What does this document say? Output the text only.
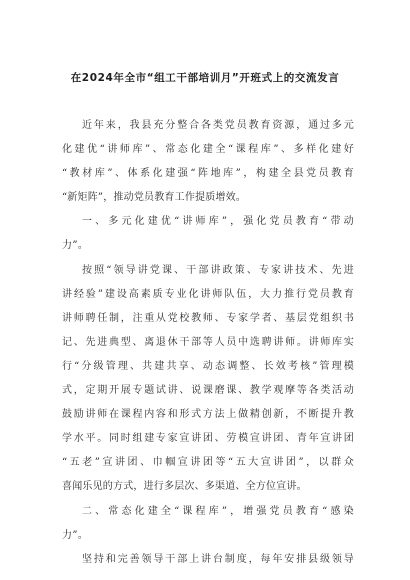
在2024年全市“组工干部培训月”开班式上的交流发言
近年来，我县充分整合各类党员教育资源，通过多元
化建优“讲师库”、常态化建全“课程库”、多样化建好
“教材库”、体系化建强“阵地库”，构建全县党员教育
“新矩阵”，推动党员教育工作提质增效。
一、多元化建优“讲师库”，强化党员教育“带动
力”。
按照“领导讲党课、干部讲政策、专家讲技术、先进
讲经验”建设高素质专业化讲师队伍，大力推行党员教育
讲师聘任制，注重从党校教师、专家学者、基层党组织书
记、先进典型、离退休干部等人员中选聘讲师。讲师库实
行“分级管理、共建共享、动态调整、长效考核”管理模
式，定期开展专题试讲、说课磨课、教学观摩等各类活动
鼓励讲师在课程内容和形式方法上做精创新，不断提升教
学水平。同时组建专家宣讲团、劳模宣讲团、青年宣讲团
“五老”宣讲团、巾帼宣讲团等“五大宣讲团”，以群众
喜闻乐见的方式，进行多层次、多渠道、全方位宣讲。
二、常态化建全“课程库”，增强党员教育“感染
力”。
坚持和完善领导干部上讲台制度，每年安排县级领导
